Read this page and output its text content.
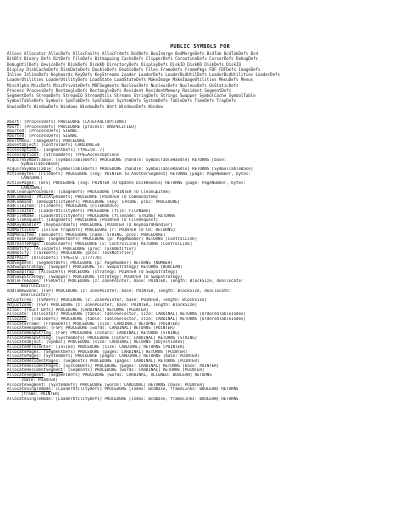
PUBLIC SYMBOLS FOR
Allocs Allocator AllocDefs AllocFaults AllocFrdefs BcdDefs BooInorge BcdMergeDefs BcdTab BcdTabDefs Bcd
BitBlt Binary Defs BitDefs FileDefs Bitmapping CacheDefs ClipperDefs CoroutineDefs CursorDefs DebugDefs
DebugUtilDefs DeviceDefs DiskDefs DiskKD DirectoryDefs DisplayDefs DiskIO DiskKD DiskDefs DiskIO
Display DiskCacheDefs DiskDataDefs DoubleDefs DoubleDefs Files FrameDefs FramePkgs FDF FDFDefs ImageDefs
Inline InlineDefs Keyboards KeyDefs KeyStreams Loader LoaderDefs LoaderBcdUtilDefs LoaderBcdUtilities LoaderDefs
LoaderUtilities LoaderUtilityDefs LoadState LoadStateDefs MakeImage MakeImageUtilities MenuDefs Menus
MiscAlpha MiscDefs MiscPrivateDefs MOFSegments NucleusDefs NucleusDefs NucleusDefs OsStaticDefs
Process ProcessDefs RectangleDefs RectangleDefs Resident ResidentMemory Resident SegmentDefs
SegmentDefs StreamDefs StreamIO StreamUtils Streams StringDefs Strings Swapper SymbolCache SymbolTable
SymbolTableDefs Symbols SymTabDefs SymTabOps SystemDefs SystemDefs TableDefs TimeDefs TrapDefs
UnwindDefs WindowDefs Windows WindowDefs Wart WindowsDefs Window
Abort: [ProcessDefs] PROCEDURE [LATEFAULTOPTIONS]
Abort: [ProcessDefs] PROCEDURE [process: UNSPECIFIED]
Aborted: [ProcessDefs] SIGNAL
Aborted: [ProcessDefs] SIGNAL
AbortMenu: [ImageDefs] PROCEDURE
absentObject: [ControlDefs] CARDINAL=0
AccessOptions: [SegmentDefs] TYPE=[0..7]
AccessOptions: [StreamDefs] TYPE=AccessOptions
AcquireSymbolTable: [SymbolTableDefs] PROCEDURE [handle: SymbolTableHandle] RETURNS [base:
SymbolTableBase]
AcquireSymbolTable: [SymbolTableDefs] PROCEDURE [handle: SymbolTableHandle] RETURNS [SymbolTableBase]
ActiveBytes: [FileDefs] PROCEDURE [seg: POINTER TO AnotherSegment] RETURNS [page: PageNumber, bytes:
CARDINAL]
ActivePages: [BFS] PROCEDURE [seg: POINTER TO Update DiskHandle] RETURNS [page: PageNumber, bytes:
CARDINAL]
AddCleanupProcedure: [ImageDefs] PROCEDURE [POINTER TO CleanupItem]
AddCommand: [MiscAlphaDefs] PROCEDURE [POINTER TO CommandItem]
AddCommand: [DebugUtilityDefs] PROCEDURE [key: STRING, proc: PROCEDURE]
AddFileItem: [FileDefs] PROCEDURE [FileHandle]
AddFileIter: [LoaderUtilityDefs] PROCEDURE [file: FileName]
AddFileName: [LoaderUtilityDefs] PROCEDURE [filename: STRING] RETURNS
AddFileRequest: [ImageDefs] PROCEDURE [POINTER TO FileRequest]
AddKeyHandler: [KeyboardDefs] PROCEDURE [POINTER TO KeyboardHandler]
AddMultiChar: [Inline trapDefs] PROCEDURE [r: POINTER TO CR: RETURNS]
AddMenuItem: [menuDefs] PROCEDURE [name: STRING, proc: PROCEDURE]
AddressFromPage: [SegmentDefs] PROCEDURE [p: PageNumber] RETURNS [ControlLink]
AddressToPage: [DoubleDefs] PROCEDURE [v: ControlLink] RETURNS [ControlLink]
AddNotify: [AllocDefs] PROCEDURE [proc: TaskNotifier]
AddNotify: [TaskDefs] PROCEDURE [proc: TaskNotifier]
AddrPair: [AllocDefs] TYPE=[0..177777B]
AddSegment: [SegmentDefs] PROCEDURE [p: PageNumber] RETURNS [NUMBER]
AddSwapStrategy: [Swapper] PROCEDURE [s: SwapStrategy] RETURNS [BOOLEAN]
AddSwapTrap: [AllocDefs] PROCEDURE [strategy: POINTER TO SwapStrategy]
AddSwapStrategy: [Swapper] PROCEDURE [strategy: POINTER TO SwapStrategy]
AddToFreeZone: [FSPDefs] PROCEDURE [z: ZonePointer, base: POINTER, length: BlockSize, deallocate:
Deallocator]
AddToNewZone: [FSP] PROCEDURE [z: ZonePointer, base: POINTER, length: BlockSize, deallocate:
Deallocator]
AdjustFree: [FSPDefs] PROCEDURE [z: ZonePointer, base: POINTER, length: BlockSize]
AdjustZone: [FSP] PROCEDURE [z: ZonePointer, base: POINTER, length: BlockSize]
Alloc: [Fault Defs] PROCEDURE [CARDINAL] RETURNS [POINTER]
Allocate: [Allocator] PROCEDURE [table: TableSelector, size: CARDINAL] RETURNS [OrderedTableIndex]
Allocate: [TableDefs] PROCEDURE [table: TableSelector, size: CARDINAL] RETURNS [OrderedTableIndex]
AllocateFrame: [FrameDefs] PROCEDURE [size: CARDINAL] RETURNS [POINTER]
AllocateHeapNode: [FSP] PROCEDURE [words: CARDINAL] RETURNS [POINTER]
AllocateHeapString: [FSP] PROCEDURE [nchars: CARDINAL] RETURNS [STRING]
AllocateHeapString: [SystemDefs] PROCEDURE [nchars: CARDINAL] RETURNS [STRING]
AllocateObject: [Symbol] PROCEDURE [size: CARDINAL] RETURNS [ObjectIndex]
AllocateRPresenter: [Inline] PROCEDURE [size: CARDINAL] RETURNS [POINTER]
AllocatePages: [SegmentDefs] PROCEDURE [pages: CARDINAL] RETURNS [POINTER]
AllocatePages: [SystemDefs] PROCEDURE [pages: CARDINAL] RETURNS [base: POINTER]
AllocateResidentPages: [Segments] PROCEDURE [pages: CARDINAL] RETURNS [POINTER]
AllocateResidentPages: [SystemDefs] PROCEDURE [pages: CARDINAL] RETURNS [base: POINTER]
AllocateResidentSegment: [Segments] PROCEDURE [words: CARDINAL] RETURNS [POINTER]
AllocateSegment: [SegmentDefs] PROCEDURE [words: CARDINAL, ALIGNED: BOOLEAN] RETURNS
[base: POINTER]
AllocateSegment: [SystemDefs] PROCEDURE [words: CARDINAL] RETURNS [base: POINTER]
AllocateSingleNode: [LoaderUtilityDefs] PROCEDURE [index: BcdBase, frameLinks: BOOLEAN] RETURNS
[frame: POINTER]
AllocateSingleNode: [LoaderUtilityDefs] PROCEDURE [index: BcdBase, frameLinks: BOOLEAN] RETURNS
